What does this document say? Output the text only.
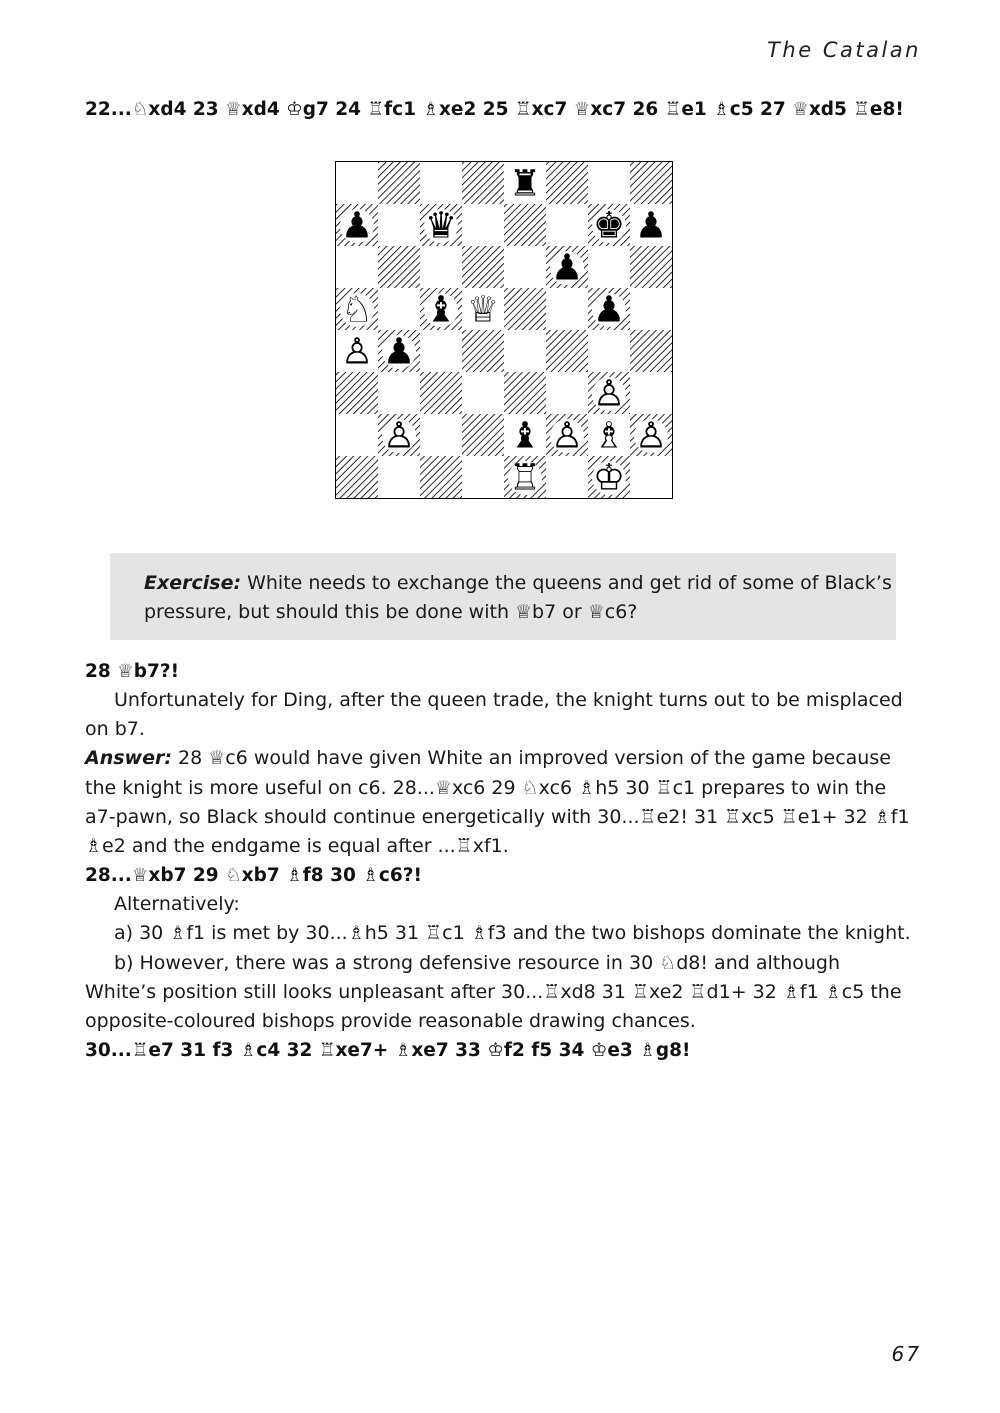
The Catalan
22...♘xd4 23 ♕xd4 ♔g7 24 ♖fc1 ♗xe2 25 ♖xc7 ♕xc7 26 ♖e1 ♗c5 27 ♕xd5 ♖e8!
♜
♟ ♛	♚ ♟
♟
♘ ♝ ♕	♟
♙ ♟
♙
♙	♝ ♙ ♗ ♙
♖ ♔
Exercise: White needs to exchange the queens and get rid of some of Black’s pressure, but should this be done with ♕b7 or ♕c6?

28 ♕b7?!

Unfortunately for Ding, after the queen trade, the knight turns out to be misplaced on b7.

Answer: 28 ♕c6 would have given White an improved version of the game because the knight is more useful on c6. 28...♕xc6 29 ♘xc6 ♗h5 30 ♖c1 prepares to win the a7-pawn, so Black should continue energetically with 30...♖e2! 31 ♖xc5 ♖e1+ 32 ♗f1 ♗e2 and the endgame is equal after ...♖xf1.

28...♕xb7 29 ♘xb7 ♗f8 30 ♗c6?!

Alternatively:

a) 30 ♗f1 is met by 30...♗h5 31 ♖c1 ♗f3 and the two bishops dominate the knight.

b) However, there was a strong defensive resource in 30 ♘d8! and although White’s position still looks unpleasant after 30...♖xd8 31 ♖xe2 ♖d1+ 32 ♗f1 ♗c5 the opposite-coloured bishops provide reasonable drawing chances.

30...♖e7 31 f3 ♗c4 32 ♖xe7+ ♗xe7 33 ♔f2 f5 34 ♔e3 ♗g8!

67
